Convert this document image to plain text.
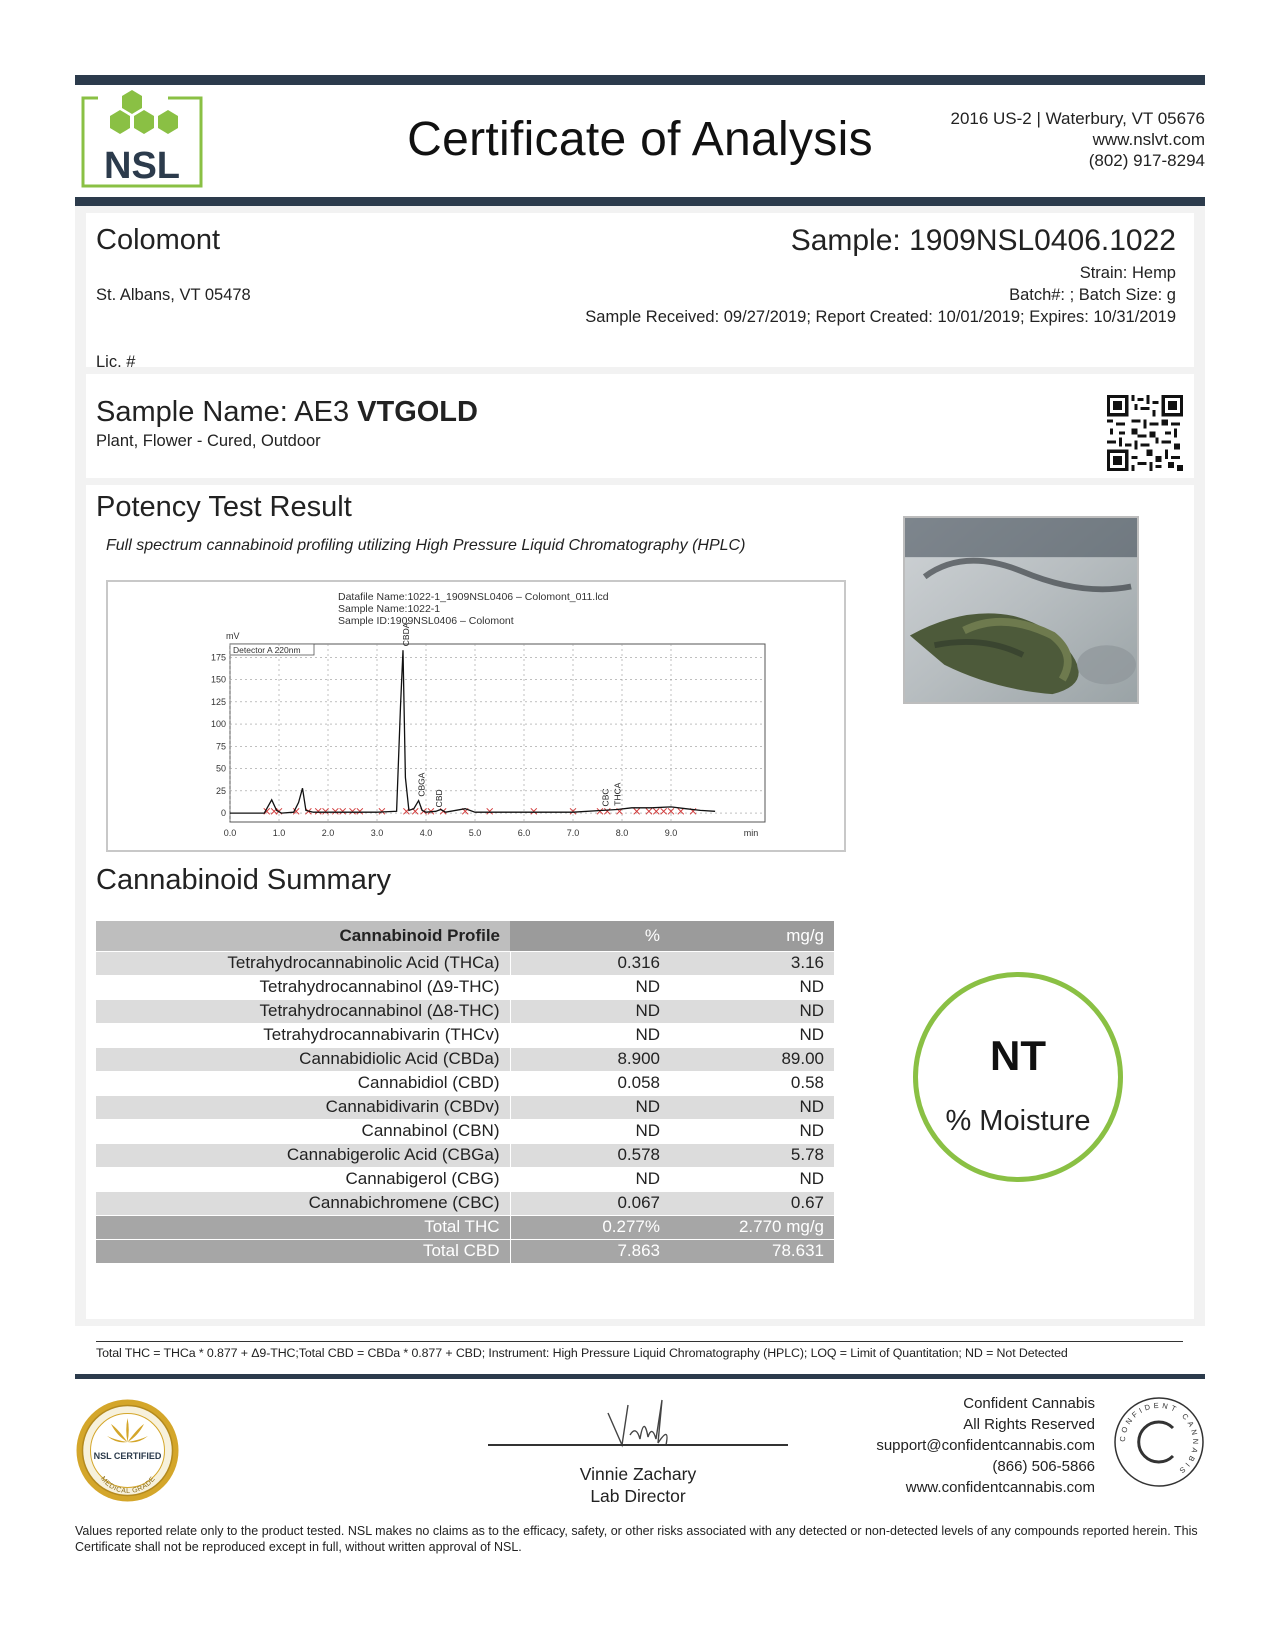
NSL	Certificate of Analysis	2016 US-2 | Waterbury, VT 05676
www.nslvt.com
(802) 917-8294
Colomont
St. Albans, VT 05478
Lic. #
Sample: 1909NSL0406.1022
Strain: Hemp
Batch#: ; Batch Size: g
Sample Received: 09/27/2019; Report Created: 10/01/2019; Expires: 10/31/2019
Sample Name: AE3 VTGOLD
Plant, Flower - Cured, Outdoor
Potency Test Result
Full spectrum cannabinoid profiling utilizing High Pressure Liquid Chromatography (HPLC)
Datafile Name:1022-1_1909NSL0406 – Colomont_011.lcd
Sample Name:1022-1
Sample ID:1909NSL0406 – Colomont
mV
Detector A 220nm
0
25
50
75
100
125
150
175
0.0	1.0	2.0	3.0	4.0	5.0	6.0	7.0	8.0	9.0	min
CBDA
CBGA
CBD	CBC THCA
Cannabinoid Summary
Cannabinoid Profile	%	mg/g
Tetrahydrocannabinolic Acid (THCa)	0.316	3.16
Tetrahydrocannabinol (Δ9-THC)	ND	ND
Tetrahydrocannabinol (Δ8-THC)	ND	ND
Tetrahydrocannabivarin (THCv)	ND	ND
Cannabidiolic Acid (CBDa)	8.900	89.00
Cannabidiol (CBD)	0.058	0.58
Cannabidivarin (CBDv)	ND	ND
Cannabinol (CBN)	ND	ND
Cannabigerolic Acid (CBGa)	0.578	5.78
Cannabigerol (CBG)	ND	ND
Cannabichromene (CBC)	0.067	0.67
Total THC	0.277%	2.770 mg/g
Total CBD	7.863	78.631
NT
% Moisture
Total THC = THCa * 0.877 + Δ9-THC;Total CBD = CBDa * 0.877 + CBD; Instrument: High Pressure Liquid Chromatography (HPLC); LOQ = Limit of Quantitation; ND = Not Detected
NSL CERTIFIED
MEDICAL GRADE	Vinnie Zachary
Lab Director
Confident Cannabis
All Rights Reserved
support@confidentcannabis.com
(866) 506-5866
www.confidentcannabis.com
CONFIDENT CANNABIS
Values reported relate only to the product tested. NSL makes no claims as to the efficacy, safety, or other risks associated with any detected or non-detected levels of any compounds reported herein. This Certificate shall not be reproduced except in full, without written approval of NSL.
